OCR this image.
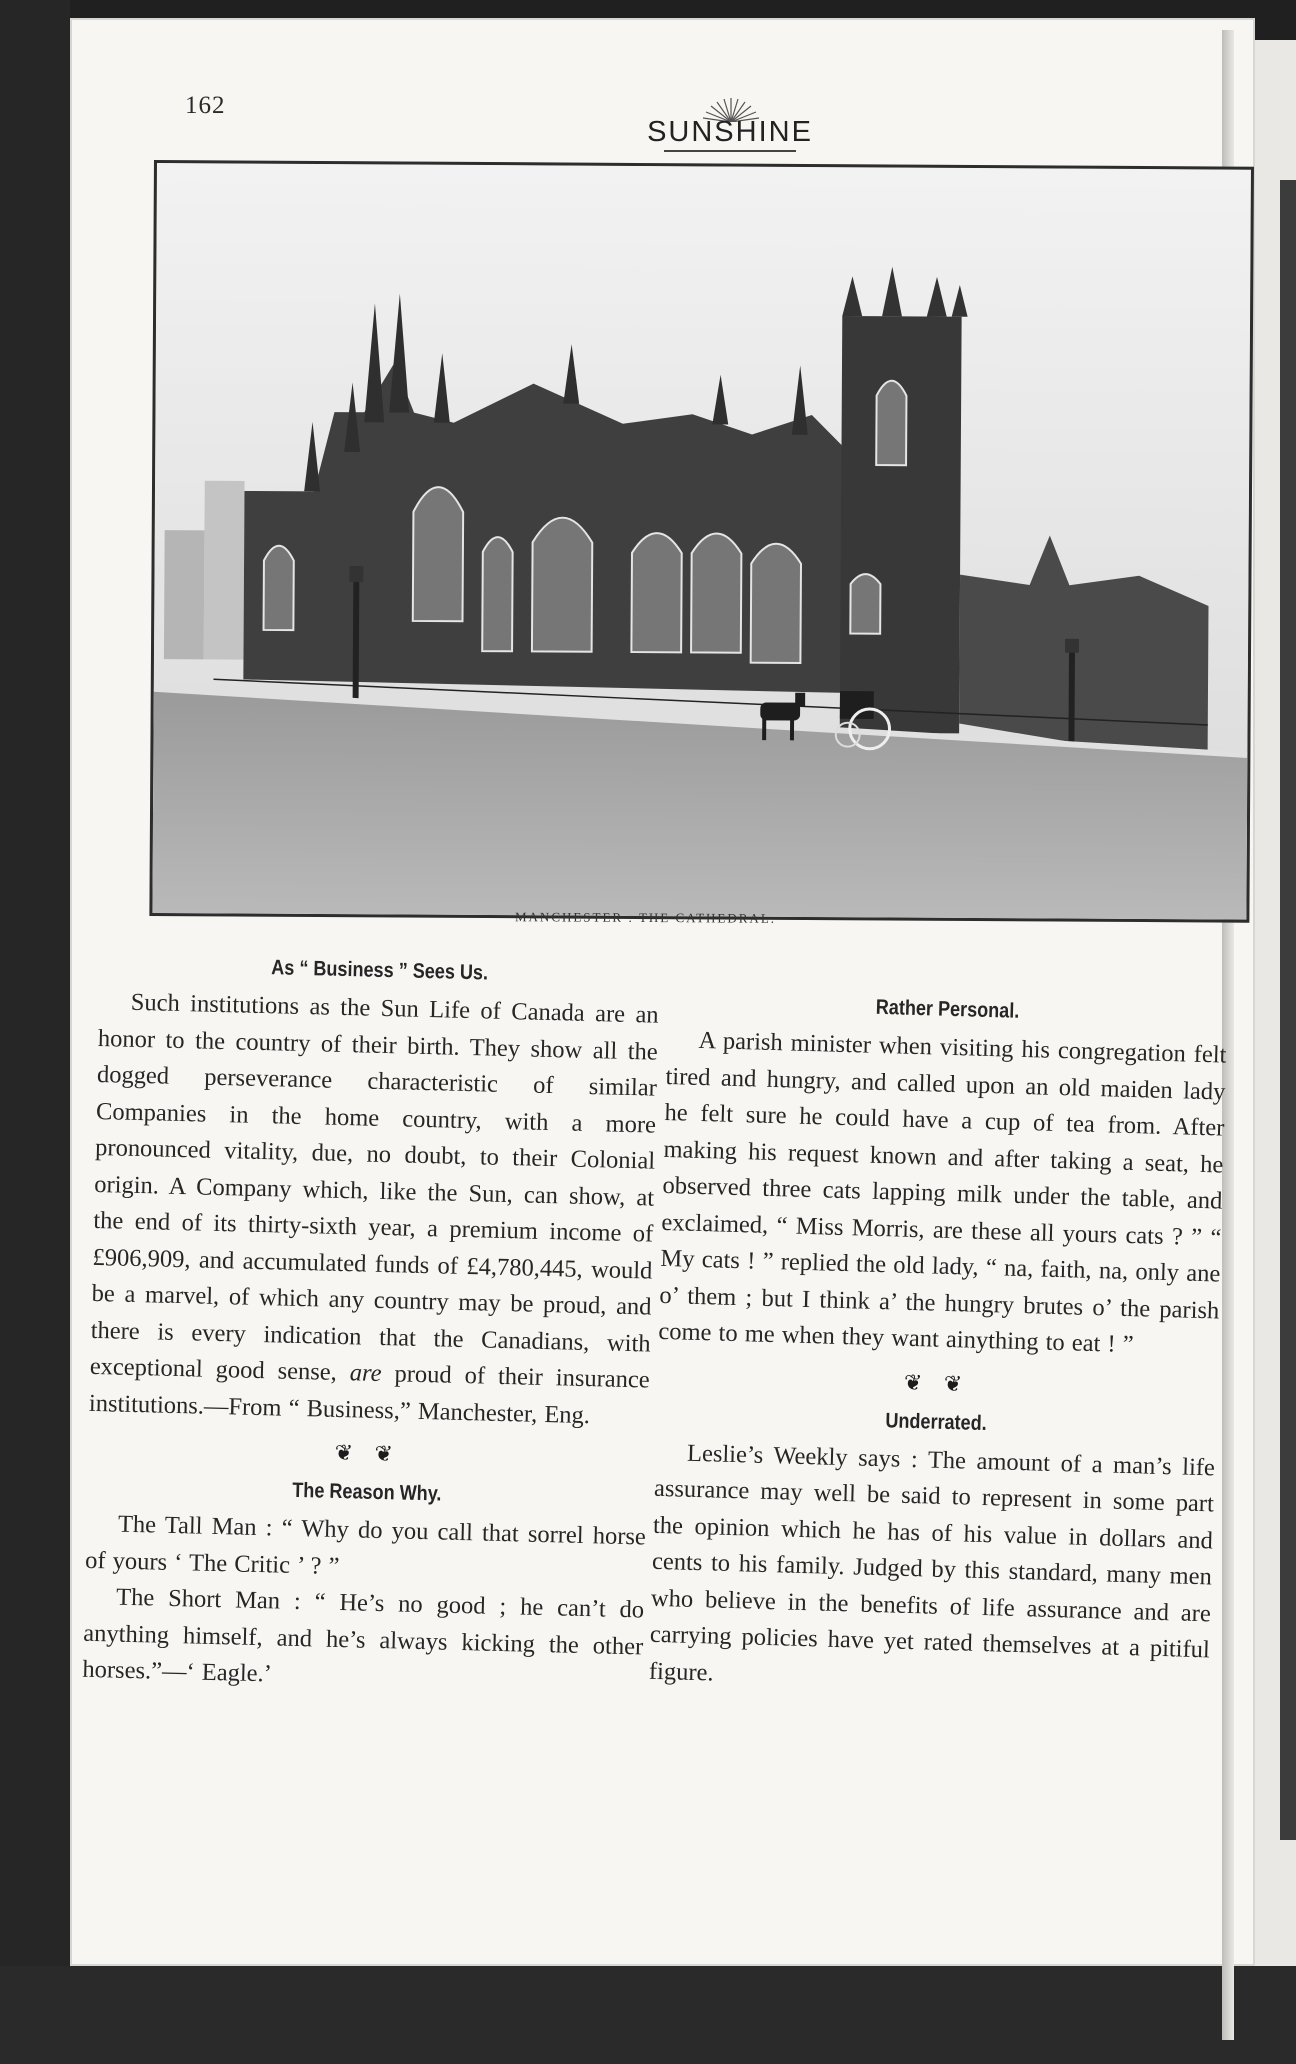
162
SUNSHINE
MANCHESTER : THE CATHEDRAL.
As “ Business ” Sees Us.

Such institutions as the Sun Life of Canada are an honor to the country of their birth. They show all the dogged perseverance characteristic of similar Companies in the home country, with a more pronounced vitality, due, no doubt, to their Colonial origin. A Company which, like the Sun, can show, at the end of its thirty-sixth year, a premium income of £906,909, and accumulated funds of £4,780,445, would be a marvel, of which any country may be proud, and there is every indication that the Canadians, with exceptional good sense, are proud of their insurance institutions.—From “ Business,” Manchester, Eng.

❦ ❦
The Reason Why.

The Tall Man : “ Why do you call that sorrel horse of yours ‘ The Critic ’ ? ”

The Short Man : “ He’s no good ; he can’t do anything himself, and he’s always kicking the other horses.”—‘ Eagle.’

Rather Personal.

A parish minister when visiting his congregation felt tired and hungry, and called upon an old maiden lady he felt sure he could have a cup of tea from. After making his request known and after taking a seat, he observed three cats lapping milk under the table, and exclaimed, “ Miss Morris, are these all yours cats ? ” “ My cats ! ” replied the old lady, “ na, faith, na, only ane o’ them ; but I think a’ the hungry brutes o’ the parish come to me when they want ainything to eat ! ”

❦ ❦
Underrated.

Leslie’s Weekly says : The amount of a man’s life assurance may well be said to represent in some part the opinion which he has of his value in dollars and cents to his family. Judged by this standard, many men who believe in the benefits of life assurance and are carrying policies have yet rated themselves at a pitiful figure.
